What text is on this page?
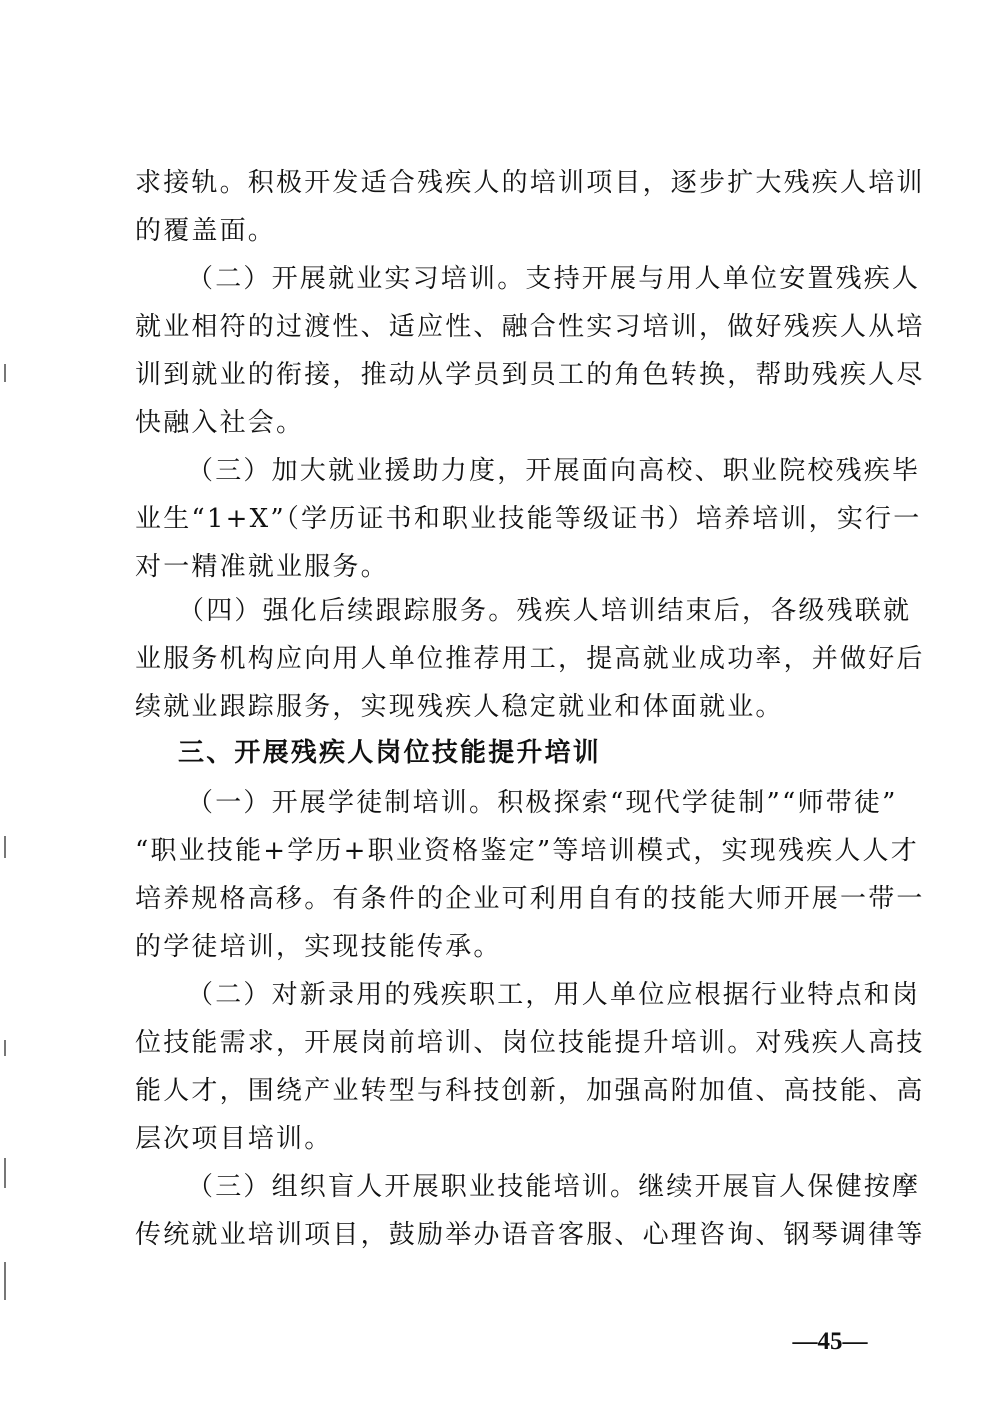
求接轨。积极开发适合残疾人的培训项目，逐步扩大残疾人培训
的覆盖面。
（二）开展就业实习培训。支持开展与用人单位安置残疾人
就业相符的过渡性、适应性、融合性实习培训，做好残疾人从培
训到就业的衔接，推动从学员到员工的角色转换，帮助残疾人尽
快融入社会。
（三）加大就业援助力度，开展面向高校、职业院校残疾毕
业生“1+X”（学历证书和职业技能等级证书）培养培训，实行一
对一精准就业服务。
（四）强化后续跟踪服务。残疾人培训结束后，各级残联就
业服务机构应向用人单位推荐用工，提高就业成功率，并做好后
续就业跟踪服务，实现残疾人稳定就业和体面就业。
三、开展残疾人岗位技能提升培训
（一）开展学徒制培训。积极探索“现代学徒制”“师带徒”
“职业技能+学历+职业资格鉴定”等培训模式，实现残疾人人才
培养规格高移。有条件的企业可利用自有的技能大师开展一带一
的学徒培训，实现技能传承。
（二）对新录用的残疾职工，用人单位应根据行业特点和岗
位技能需求，开展岗前培训、岗位技能提升培训。对残疾人高技
能人才，围绕产业转型与科技创新，加强高附加值、高技能、高
层次项目培训。
（三）组织盲人开展职业技能培训。继续开展盲人保健按摩
传统就业培训项目，鼓励举办语音客服、心理咨询、钢琴调律等
—45—
